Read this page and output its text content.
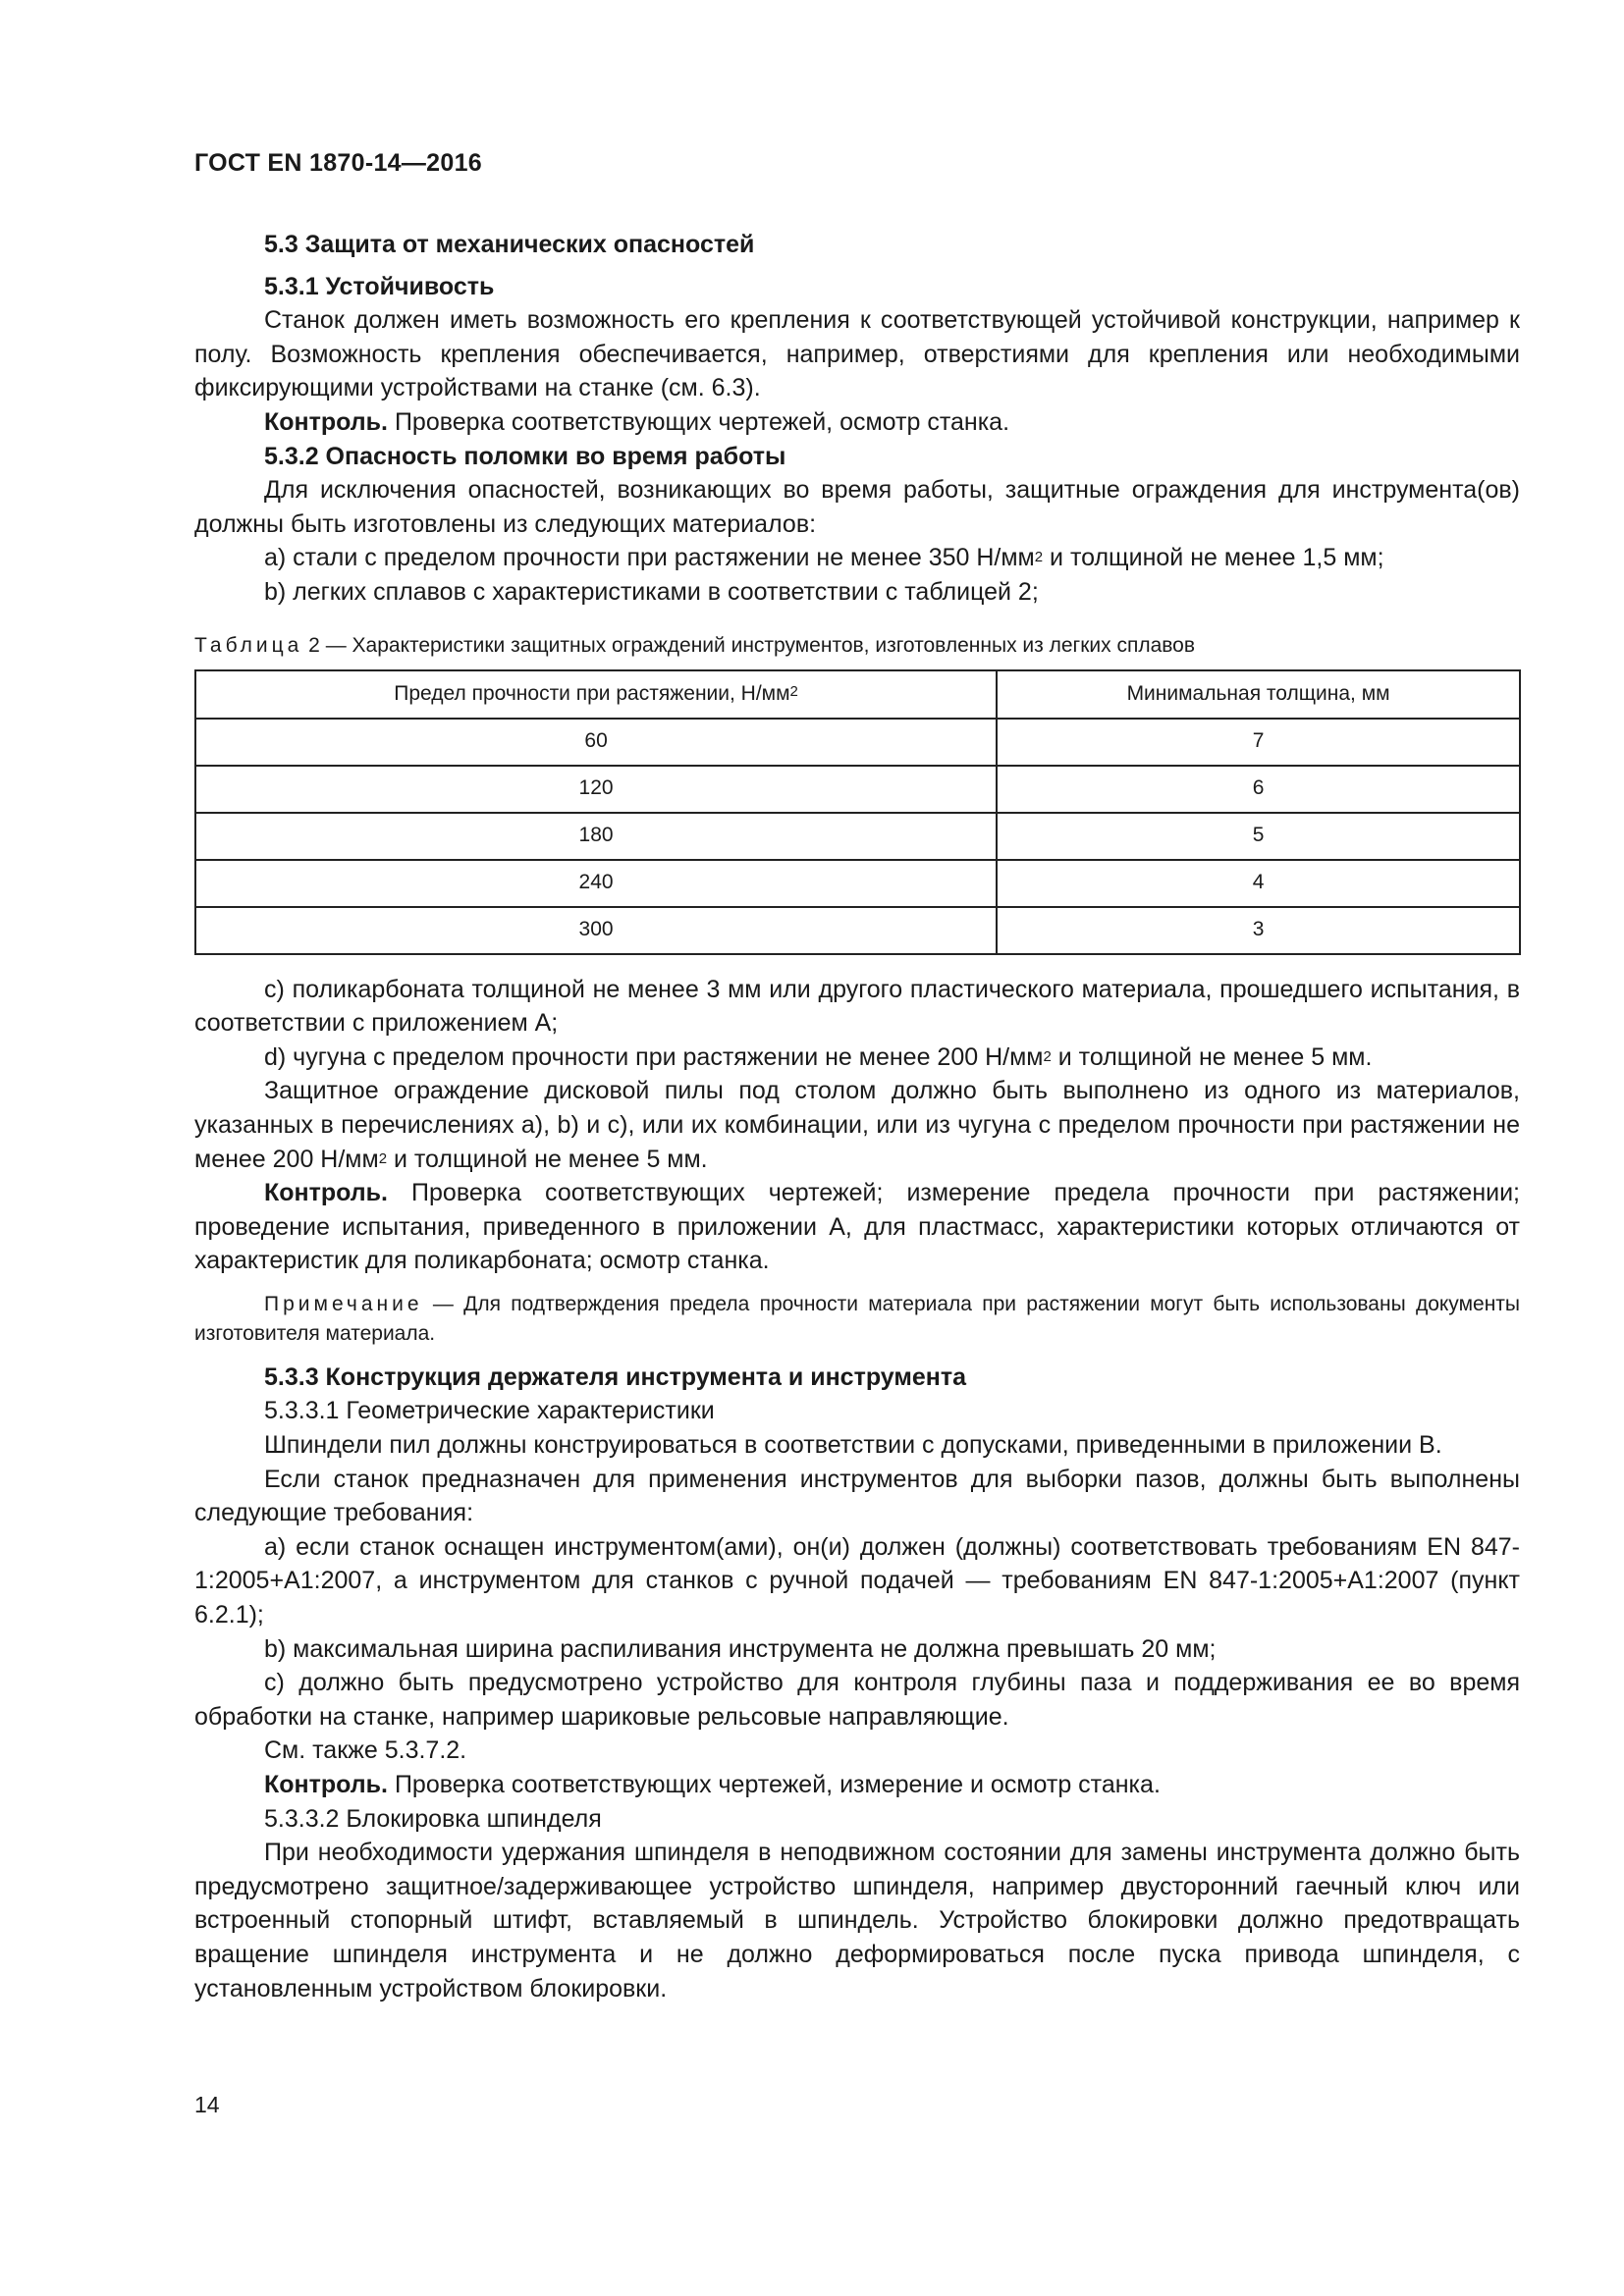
ГОСТ EN 1870-14—2016

5.3 Защита от механических опасностей

5.3.1 Устойчивость

Станок должен иметь возможность его крепления к соответствующей устойчивой конструкции, например к полу. Возможность крепления обеспечивается, например, отверстиями для крепления или необходимыми фиксирующими устройствами на станке (см. 6.3).

Контроль. Проверка соответствующих чертежей, осмотр станка.

5.3.2 Опасность поломки во время работы

Для исключения опасностей, возникающих во время работы, защитные ограждения для инструмента(ов) должны быть изготовлены из следующих материалов:

а) стали с пределом прочности при растяжении не менее 350 $Н/мм^2$ и толщиной не менее 1,5 мм;

b) легких сплавов с характеристиками в соответствии с таблицей 2;

Таблица 2 — Характеристики защитных ограждений инструментов, изготовленных из легких сплавов

Предел прочности при растяжении, $Н/мм^2$	Минимальная толщина, мм
60	7
120	6
180	5
240	4
300	3

с) поликарбоната толщиной не менее 3 мм или другого пластического материала, прошедшего испытания, в соответствии с приложением А;

d) чугуна с пределом прочности при растяжении не менее 200 $Н/мм^2$ и толщиной не менее 5 мм.

Защитное ограждение дисковой пилы под столом должно быть выполнено из одного из материалов, указанных в перечислениях а), b) и с), или их комбинации, или из чугуна с пределом прочности при растяжении не менее 200 $Н/мм^2$ и толщиной не менее 5 мм.

Контроль. Проверка соответствующих чертежей; измерение предела прочности при растяжении; проведение испытания, приведенного в приложении А, для пластмасс, характеристики которых отличаются от характеристик для поликарбоната; осмотр станка.

Примечание — Для подтверждения предела прочности материала при растяжении могут быть использованы документы изготовителя материала.

5.3.3 Конструкция держателя инструмента и инструмента

5.3.3.1 Геометрические характеристики

Шпиндели пил должны конструироваться в соответствии с допусками, приведенными в приложении В.

Если станок предназначен для применения инструментов для выборки пазов, должны быть выполнены следующие требования:

а) если станок оснащен инструментом(ами), он(и) должен (должны) соответствовать требованиям EN 847-1:2005+A1:2007, а инструментом для станков с ручной подачей — требованиям EN 847-1:2005+A1:2007 (пункт 6.2.1);

b) максимальная ширина распиливания инструмента не должна превышать 20 мм;

с) должно быть предусмотрено устройство для контроля глубины паза и поддерживания ее во время обработки на станке, например шариковые рельсовые направляющие.

См. также 5.3.7.2.

Контроль. Проверка соответствующих чертежей, измерение и осмотр станка.

5.3.3.2 Блокировка шпинделя

При необходимости удержания шпинделя в неподвижном состоянии для замены инструмента должно быть предусмотрено защитное/задерживающее устройство шпинделя, например двусторонний гаечный ключ или встроенный стопорный штифт, вставляемый в шпиндель. Устройство блокировки должно предотвращать вращение шпинделя инструмента и не должно деформироваться после пуска привода шпинделя, с установленным устройством блокировки.

14
